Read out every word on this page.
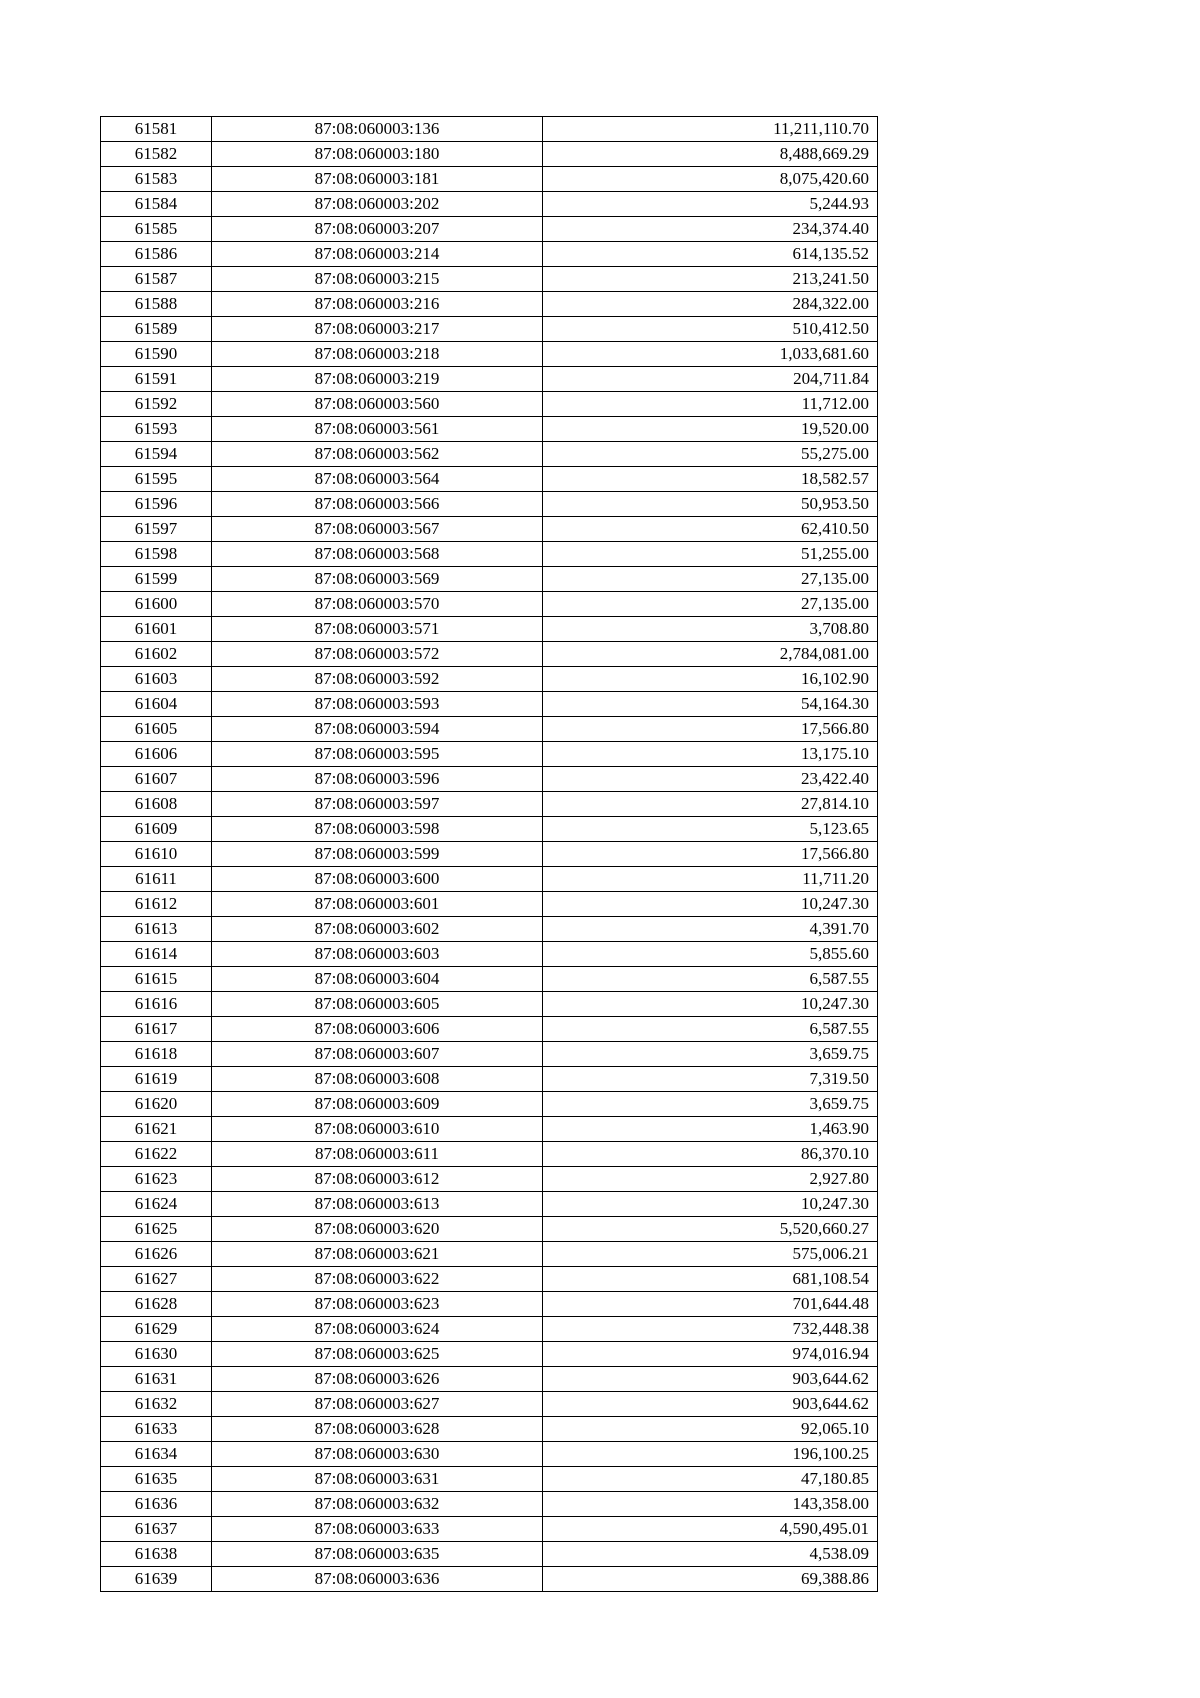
61581	87:08:060003:136	11,211,110.70
61582	87:08:060003:180	8,488,669.29
61583	87:08:060003:181	8,075,420.60
61584	87:08:060003:202	5,244.93
61585	87:08:060003:207	234,374.40
61586	87:08:060003:214	614,135.52
61587	87:08:060003:215	213,241.50
61588	87:08:060003:216	284,322.00
61589	87:08:060003:217	510,412.50
61590	87:08:060003:218	1,033,681.60
61591	87:08:060003:219	204,711.84
61592	87:08:060003:560	11,712.00
61593	87:08:060003:561	19,520.00
61594	87:08:060003:562	55,275.00
61595	87:08:060003:564	18,582.57
61596	87:08:060003:566	50,953.50
61597	87:08:060003:567	62,410.50
61598	87:08:060003:568	51,255.00
61599	87:08:060003:569	27,135.00
61600	87:08:060003:570	27,135.00
61601	87:08:060003:571	3,708.80
61602	87:08:060003:572	2,784,081.00
61603	87:08:060003:592	16,102.90
61604	87:08:060003:593	54,164.30
61605	87:08:060003:594	17,566.80
61606	87:08:060003:595	13,175.10
61607	87:08:060003:596	23,422.40
61608	87:08:060003:597	27,814.10
61609	87:08:060003:598	5,123.65
61610	87:08:060003:599	17,566.80
61611	87:08:060003:600	11,711.20
61612	87:08:060003:601	10,247.30
61613	87:08:060003:602	4,391.70
61614	87:08:060003:603	5,855.60
61615	87:08:060003:604	6,587.55
61616	87:08:060003:605	10,247.30
61617	87:08:060003:606	6,587.55
61618	87:08:060003:607	3,659.75
61619	87:08:060003:608	7,319.50
61620	87:08:060003:609	3,659.75
61621	87:08:060003:610	1,463.90
61622	87:08:060003:611	86,370.10
61623	87:08:060003:612	2,927.80
61624	87:08:060003:613	10,247.30
61625	87:08:060003:620	5,520,660.27
61626	87:08:060003:621	575,006.21
61627	87:08:060003:622	681,108.54
61628	87:08:060003:623	701,644.48
61629	87:08:060003:624	732,448.38
61630	87:08:060003:625	974,016.94
61631	87:08:060003:626	903,644.62
61632	87:08:060003:627	903,644.62
61633	87:08:060003:628	92,065.10
61634	87:08:060003:630	196,100.25
61635	87:08:060003:631	47,180.85
61636	87:08:060003:632	143,358.00
61637	87:08:060003:633	4,590,495.01
61638	87:08:060003:635	4,538.09
61639	87:08:060003:636	69,388.86
